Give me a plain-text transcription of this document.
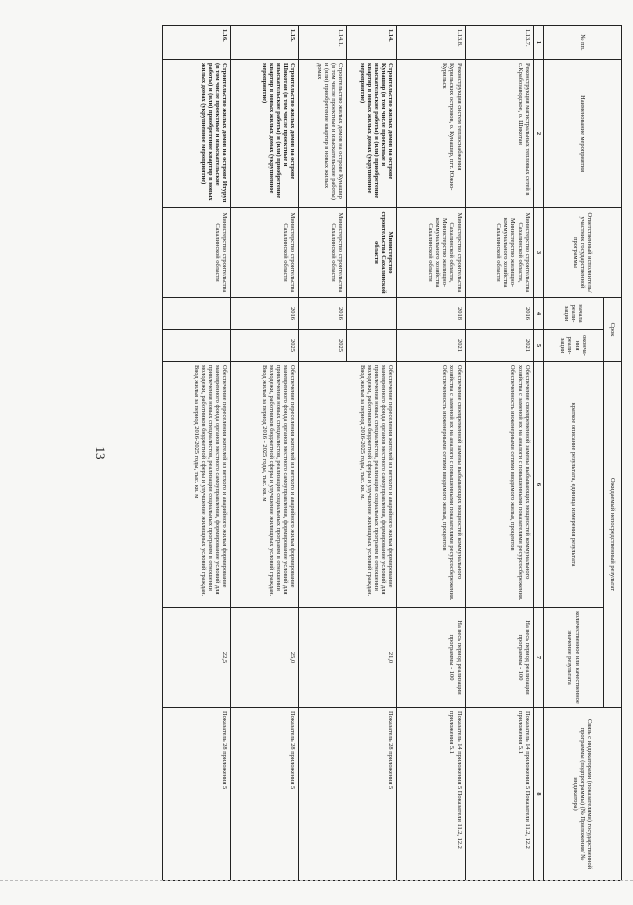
13
№ пп.	Наименование мероприятия	Ответственный исполнитель/участник государственной программы	Срок		Ожидаемый непосредственный результат		Связь с индикаторами (показателями) государственной программы (подпрограммы) (№ Приложения/ № индикатора)
			начала реали-зации	оконча-ния реали-зации	краткое описание результата, единица измерения результата	количественное или качественное значение результата	
1	2	3	4	5	6	7	8
1.13.7.	Реконструкция магистральных тепловых сетей в с.Крабозаводское, о. Шикотан	Министерство строительства Сахалинской области, Министерство жилищно-коммунального хозяйства Сахалинской области	2016	2021	Обеспечение своевременной замены выбывающих мощностей коммунального хозяйства с заменой их на аналоги с повышенными показателями ресурсосбережения. Обеспеченность инженерными сетями вводимого жилья, процентов	На весь период реализации программы - 100	Показатель 14 приложения 5 Показатели 11.2, 12.2 приложения 5.1
1.13.8.	Реконструкция систем теплоснабжения Курильских островов, о. Кунашир, пгт. Южно-Курильск	Министерство строительства Сахалинской области, Министерство жилищно-коммунального хозяйства Сахалинской области	2018	2021	Обеспечение своевременной замены выбывающих мощностей коммунального хозяйства с заменой их на аналоги с повышенными показателями ресурсосбережения. Обеспеченность инженерными сетями вводимого жилья, процентов	На весь период реализации программы - 100	Показатель 14 приложения 5 Показатели 11.2, 12.2 приложения 5.1
1.14.	Строительство жилых домов на острове Кунашир (в том числе проектные и изыскательские работы) и (или) приобретение квартир в новых жилых домах (укрупненное мероприятие)	Министерство строительства Сахалинской области			Обеспечение переселения жителей из ветхого и аварийного жилья формирование маневренного фонда органов местного самоуправления, формирование условий для привлечения новых специалистов, реализации социальных программ в отношении молодежи, работников бюджетной сферы и улучшение жилищных условий граждан. Ввод жилья за период 2016-2025 годы, тыс. кв. м.	21,0	Показатель 28 приложения 5
1.14.1.	Строительство жилых домов на острове Кунашир (в том числе проектные и изыскательские работы) и (или) приобретение квартир в новых жилых домах	Министерство строительства Сахалинской области	2016	2025			
1.15.	Строительство жилых домов на острове Шикотан (в том числе проектные и изыскательские работы) и (или) приобретение квартир в новых жилых домах (укрупненное мероприятие)	Министерство строительства Сахалинской области	2016	2025	Обеспечение переселения жителей из ветхого и аварийного жилья формирование маневренного фонда органов местного самоуправления, формирование условий для привлечения новых специалистов, реализации социальных программ в отношении молодежи, работников бюджетной сферы и улучшение жилищных условий граждан. Ввод жилья за период 2016 - 2025 годы, тыс. кв. м	25,0	Показатель 28 приложения 5
1.16.	Строительство жилых домов на острове Итуруп (в том числе проектные и изыскательские работы) и (или) приобретение квартир в новых жилых домах (укрупненное мероприятие)	Министерство строительства Сахалинской области			Обеспечение переселения жителей из ветхого и аварийного жилья формирование маневренного фонда органов местного самоуправления, формирование условий для привлечения новых специалистов, реализации социальных программ в отношении молодежи, работников бюджетной сферы и улучшение жилищных условий граждан. Ввод жилья за период 2016-2025 годы, тыс. кв. м	22,5	Показатель 28 приложения 5
